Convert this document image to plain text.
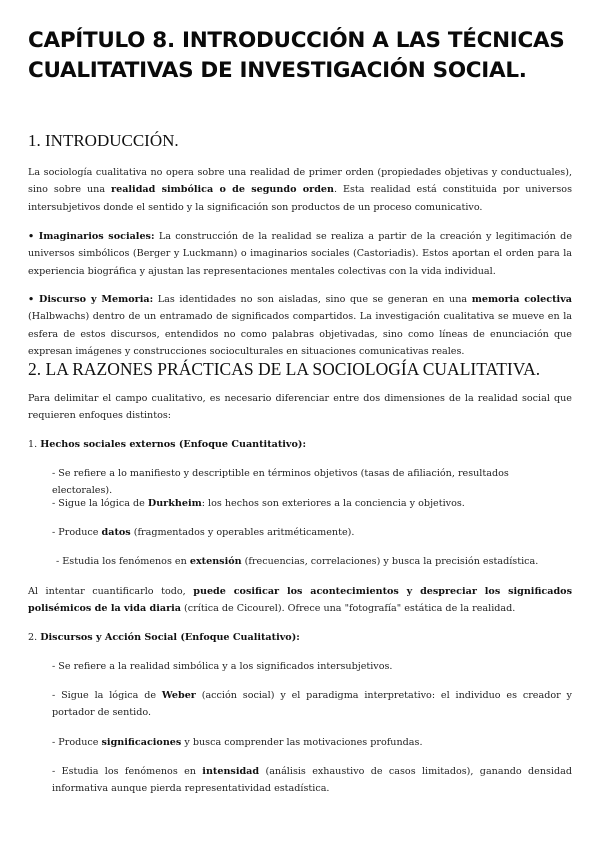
CAPÍTULO 8. INTRODUCCIÓN A LAS TÉCNICAS CUALITATIVAS DE INVESTIGACIÓN SOCIAL.
1. INTRODUCCIÓN.

La sociología cualitativa no opera sobre una realidad de primer orden (propiedades objetivas y conductuales), sino sobre una realidad simbólica o de segundo orden. Esta realidad está constituida por universos intersubjetivos donde el sentido y la significación son productos de un proceso comunicativo.

• Imaginarios sociales: La construcción de la realidad se realiza a partir de la creación y legitimación de universos simbólicos (Berger y Luckmann) o imaginarios sociales (Castoriadis). Estos aportan el orden para la experiencia biográfica y ajustan las representaciones mentales colectivas con la vida individual.

• Discurso y Memoria: Las identidades no son aisladas, sino que se generan en una memoria colectiva (Halbwachs) dentro de un entramado de significados compartidos. La investigación cualitativa se mueve en la esfera de estos discursos, entendidos no como palabras objetivadas, sino como líneas de enunciación que expresan imágenes y construcciones socioculturales en situaciones comunicativas reales.

2. LA RAZONES PRÁCTICAS DE LA SOCIOLOGÍA CUALITATIVA.

Para delimitar el campo cualitativo, es necesario diferenciar entre dos dimensiones de la realidad social que requieren enfoques distintos:

1. Hechos sociales externos (Enfoque Cuantitativo):

- Se refiere a lo manifiesto y descriptible en términos objetivos (tasas de afiliación, resultados electorales).

- Sigue la lógica de Durkheim: los hechos son exteriores a la conciencia y objetivos.

- Produce datos (fragmentados y operables aritméticamente).

- Estudia los fenómenos en extensión (frecuencias, correlaciones) y busca la precisión estadística.

Al intentar cuantificarlo todo, puede cosificar los acontecimientos y despreciar los significados polisémicos de la vida diaria (crítica de Cicourel). Ofrece una "fotografía" estática de la realidad.

2. Discursos y Acción Social (Enfoque Cualitativo):

- Se refiere a la realidad simbólica y a los significados intersubjetivos.

- Sigue la lógica de Weber (acción social) y el paradigma interpretativo: el individuo es creador y portador de sentido.

- Produce significaciones y busca comprender las motivaciones profundas.

- Estudia los fenómenos en intensidad (análisis exhaustivo de casos limitados), ganando densidad informativa aunque pierda representatividad estadística.
